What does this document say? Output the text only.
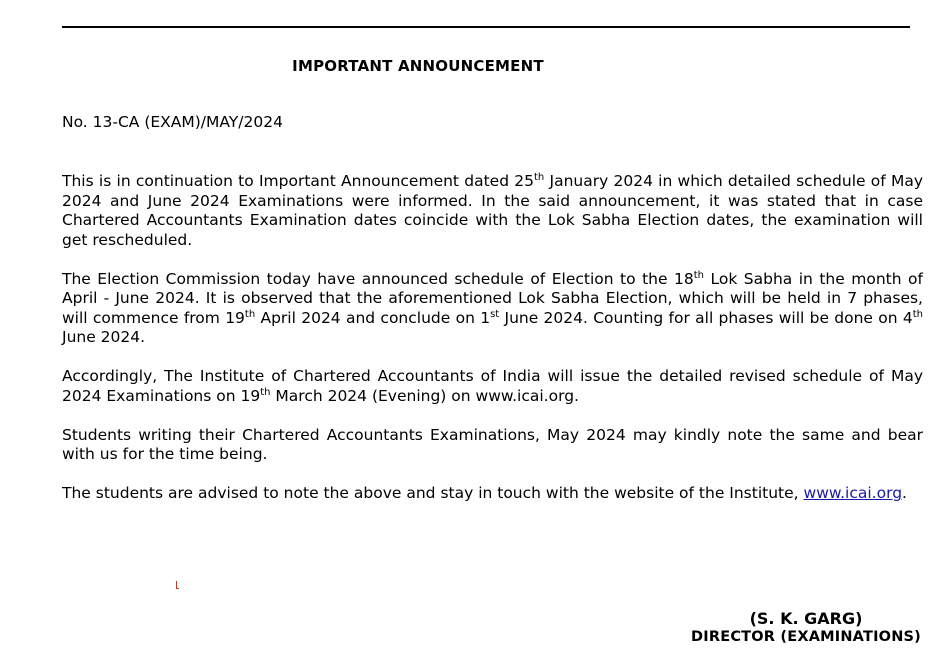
IMPORTANT ANNOUNCEMENT
No. 13-CA (EXAM)/MAY/2024

This is in continuation to Important Announcement dated 25th January 2024 in which detailed schedule of May 2024 and June 2024 Examinations were informed. In the said announcement, it was stated that in case Chartered Accountants Examination dates coincide with the Lok Sabha Election dates, the examination will get rescheduled.

The Election Commission today have announced schedule of Election to the 18th Lok Sabha in the month of April - June 2024. It is observed that the aforementioned Lok Sabha Election, which will be held in 7 phases, will commence from 19th April 2024 and conclude on 1st June 2024. Counting for all phases will be done on 4th June 2024.

Accordingly, The Institute of Chartered Accountants of India will issue the detailed revised schedule of May 2024 Examinations on 19th March 2024 (Evening) on www.icai.org.

Students writing their Chartered Accountants Examinations, May 2024 may kindly note the same and bear with us for the time being.

The students are advised to note the above and stay in touch with the website of the Institute, www.icai.org.

(S. K. GARG)
DIRECTOR (EXAMINATIONS)
